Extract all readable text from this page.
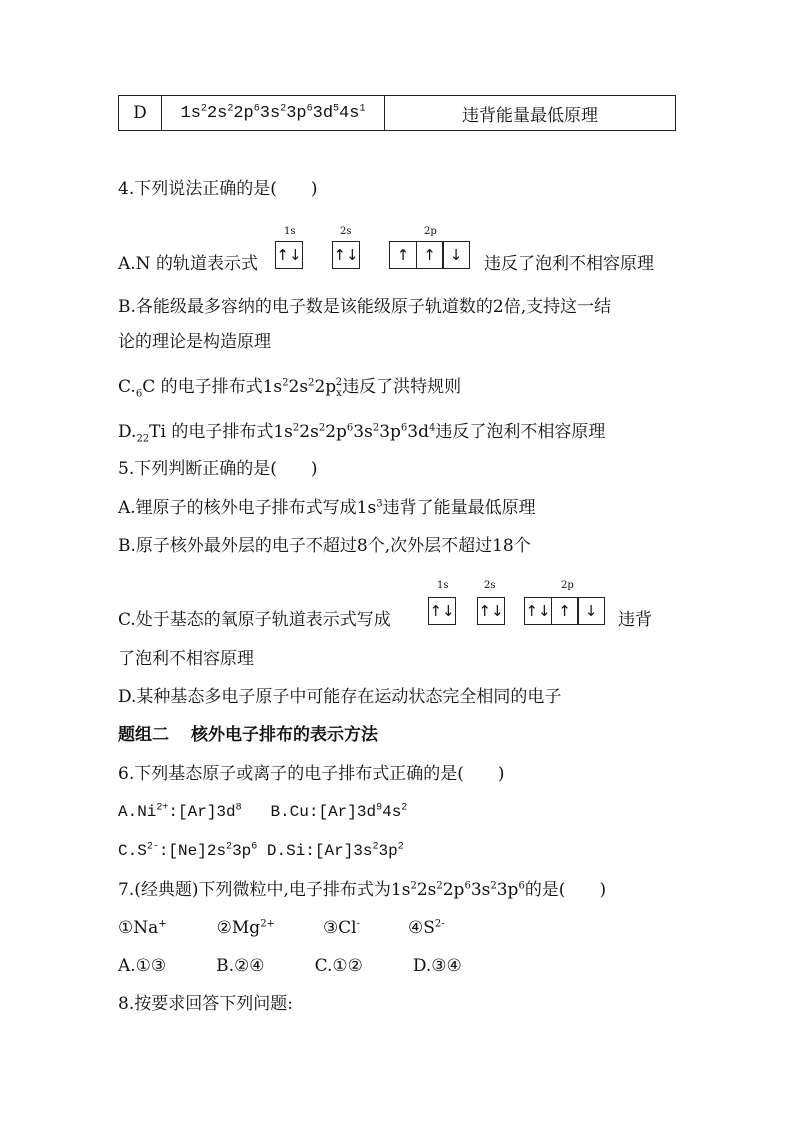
D	$1s^22s^22p^63s^23p^63d^54s^1$	违背能量最低原理
4.下列说法正确的是(　　)
1s	2s	2p
A.N 的轨道表示式 ↑↓ ↑↓	↑ ↑ ↓	违反了泡利不相容原理
B.各能级最多容纳的电子数是该能级原子轨道数的2倍,支持这一结
论的理论是构造原理
$C._6C$ 的电子排布式$1s^22s^22p_x^2$违反了洪特规则
$D._{22}Ti$ 的电子排布式$1s^22s^22p^63s^23p^63d^4$违反了泡利不相容原理
5.下列判断正确的是(　　)
A.锂原子的核外电子排布式写成$1s^3$违背了能量最低原理
B.原子核外最外层的电子不超过8个,次外层不超过18个
1s	2s	2p
C.处于基态的氧原子轨道表示式写成	↑↓ ↑↓ ↑↓ ↑ ↓	违背
了泡利不相容原理
D.某种基态多电子原子中可能存在运动状态完全相同的电子
题组二 核外电子排布的表示方法
6.下列基态原子或离子的电子排布式正确的是(　　)
$A.Ni^{2+}:[Ar]3d^8$   $B.Cu:[Ar]3d^94s^2$
$C.S^{2-}:[Ne]2s^23p^6$ $D.Si:[Ar]3s^23p^2$
7.(经典题)下列微粒中,电子排布式为$1s^22s^22p^63s^23p^6$的是(　　)
①Na+	$②Mg^{2+}$	③Cl-	$④S^{2-}$
A.①③	B.②④	C.①②	D.③④
8.按要求回答下列问题:
